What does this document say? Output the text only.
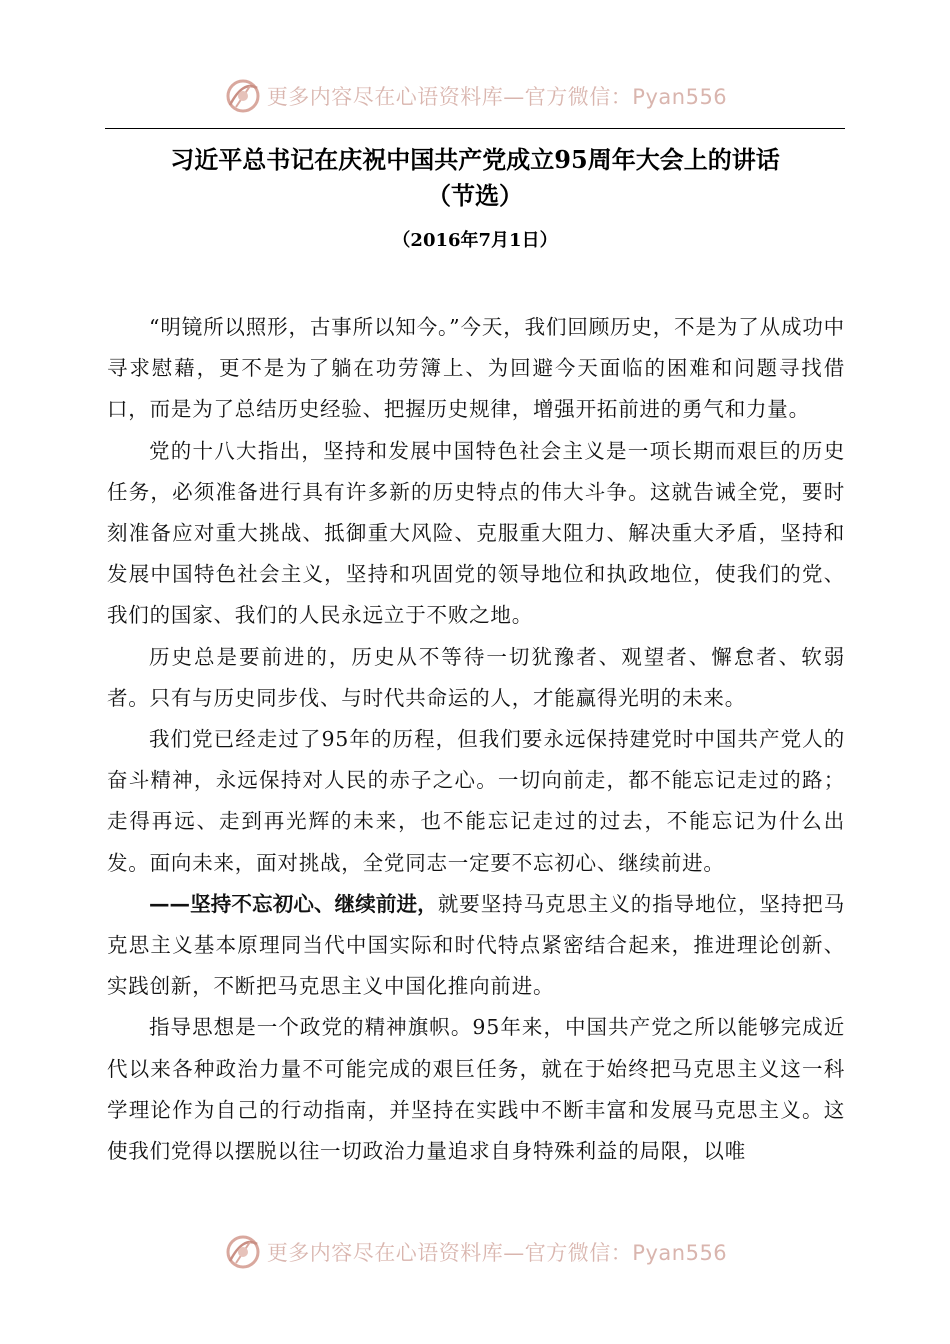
更多内容尽在心语资料库—官方微信：Pyan556
习近平总书记在庆祝中国共产党成立95周年大会上的讲话
（节选）
（2016年7月1日）

“明镜所以照形，古事所以知今。”今天，我们回顾历史，不是为了从成功中寻求慰藉，更不是为了躺在功劳簿上、为回避今天面临的困难和问题寻找借口，而是为了总结历史经验、把握历史规律，增强开拓前进的勇气和力量。

党的十八大指出，坚持和发展中国特色社会主义是一项长期而艰巨的历史任务，必须准备进行具有许多新的历史特点的伟大斗争。这就告诫全党，要时刻准备应对重大挑战、抵御重大风险、克服重大阻力、解决重大矛盾，坚持和发展中国特色社会主义，坚持和巩固党的领导地位和执政地位，使我们的党、我们的国家、我们的人民永远立于不败之地。

历史总是要前进的，历史从不等待一切犹豫者、观望者、懈怠者、软弱者。只有与历史同步伐、与时代共命运的人，才能赢得光明的未来。

我们党已经走过了95年的历程，但我们要永远保持建党时中国共产党人的奋斗精神，永远保持对人民的赤子之心。一切向前走，都不能忘记走过的路；走得再远、走到再光辉的未来，也不能忘记走过的过去，不能忘记为什么出发。面向未来，面对挑战，全党同志一定要不忘初心、继续前进。

——坚持不忘初心、继续前进，就要坚持马克思主义的指导地位，坚持把马克思主义基本原理同当代中国实际和时代特点紧密结合起来，推进理论创新、实践创新，不断把马克思主义中国化推向前进。

指导思想是一个政党的精神旗帜。95年来，中国共产党之所以能够完成近代以来各种政治力量不可能完成的艰巨任务，就在于始终把马克思主义这一科学理论作为自己的行动指南，并坚持在实践中不断丰富和发展马克思主义。这使我们党得以摆脱以往一切政治力量追求自身特殊利益的局限，以唯

更多内容尽在心语资料库—官方微信：Pyan556
